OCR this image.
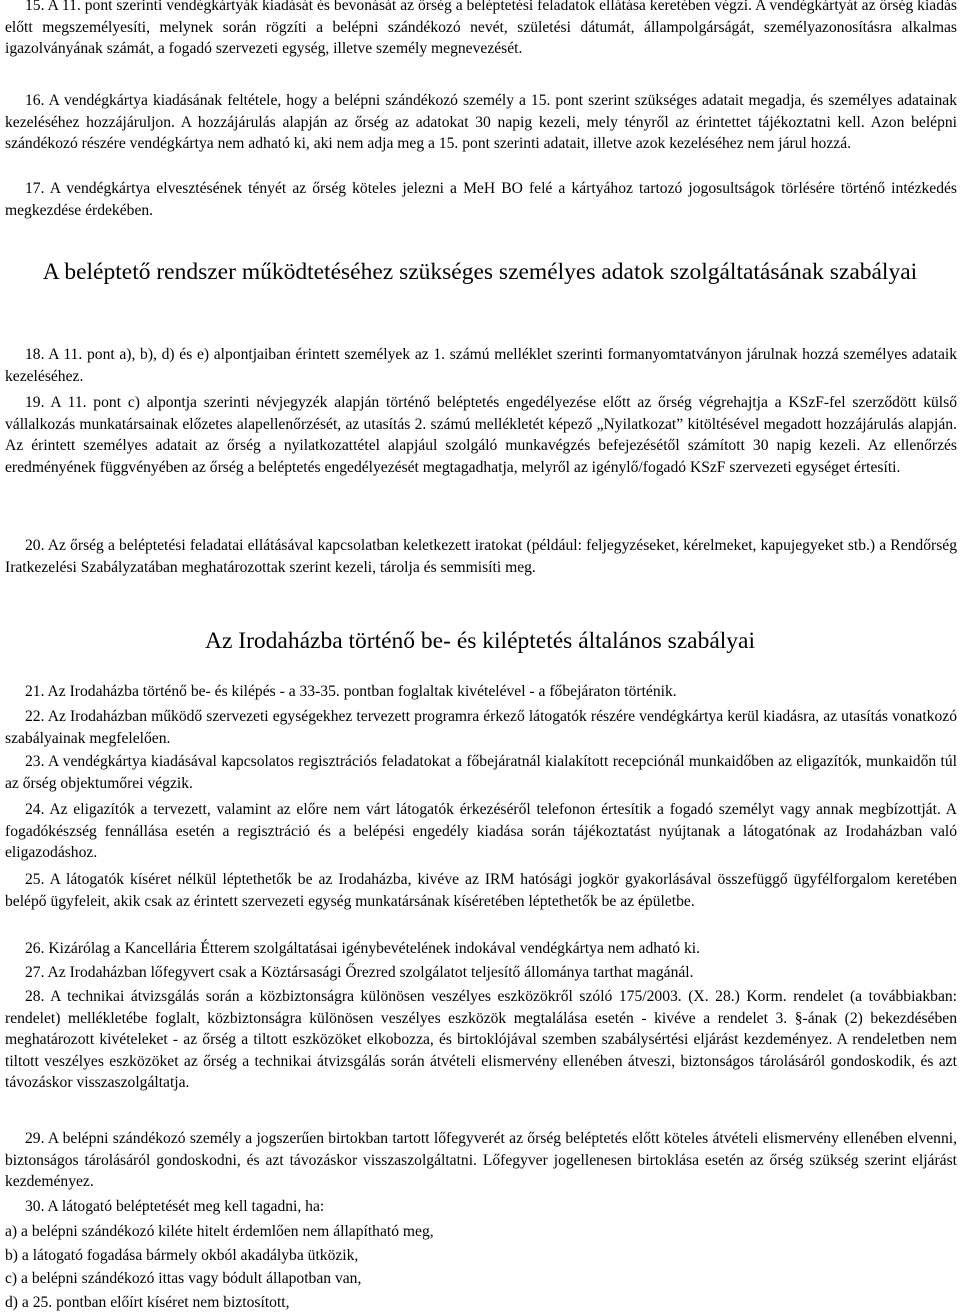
15. A 11. pont szerinti vendégkártyák kiadását és bevonását az őrség a beléptetési feladatok ellátása keretében végzi. A vendégkártyát az őrség kiadás előtt megszemélyesíti, melynek során rögzíti a belépni szándékozó nevét, születési dátumát, állampolgárságát, személyazonosításra alkalmas igazolványának számát, a fogadó szervezeti egység, illetve személy megnevezését.

16. A vendégkártya kiadásának feltétele, hogy a belépni szándékozó személy a 15. pont szerint szükséges adatait megadja, és személyes adatainak kezeléséhez hozzájáruljon. A hozzájárulás alapján az őrség az adatokat 30 napig kezeli, mely tényről az érintettet tájékoztatni kell. Azon belépni szándékozó részére vendégkártya nem adható ki, aki nem adja meg a 15. pont szerinti adatait, illetve azok kezeléséhez nem járul hozzá.

17. A vendégkártya elvesztésének tényét az őrség köteles jelezni a MeH BO felé a kártyához tartozó jogosultságok törlésére történő intézkedés megkezdése érdekében.

A beléptető rendszer működtetéséhez szükséges személyes adatok szolgáltatásának szabályai

18. A 11. pont a), b), d) és e) alpontjaiban érintett személyek az 1. számú melléklet szerinti formanyomtatványon járulnak hozzá személyes adataik kezeléséhez.

19. A 11. pont c) alpontja szerinti névjegyzék alapján történő beléptetés engedélyezése előtt az őrség végrehajtja a KSzF-fel szerződött külső vállalkozás munkatársainak előzetes alapellenőrzését, az utasítás 2. számú mellékletét képező „Nyilatkozat” kitöltésével megadott hozzájárulás alapján. Az érintett személyes adatait az őrség a nyilatkozattétel alapjául szolgáló munkavégzés befejezésétől számított 30 napig kezeli. Az ellenőrzés eredményének függvényében az őrség a beléptetés engedélyezését megtagadhatja, melyről az igénylő/fogadó KSzF szervezeti egységet értesíti.

20. Az őrség a beléptetési feladatai ellátásával kapcsolatban keletkezett iratokat (például: feljegyzéseket, kérelmeket, kapujegyeket stb.) a Rendőrség Iratkezelési Szabályzatában meghatározottak szerint kezeli, tárolja és semmisíti meg.

Az Irodaházba történő be- és kiléptetés általános szabályai

21. Az Irodaházba történő be- és kilépés - a 33-35. pontban foglaltak kivételével - a főbejáraton történik.

22. Az Irodaházban működő szervezeti egységekhez tervezett programra érkező látogatók részére vendégkártya kerül kiadásra, az utasítás vonatkozó szabályainak megfelelően.

23. A vendégkártya kiadásával kapcsolatos regisztrációs feladatokat a főbejáratnál kialakított recepciónál munkaidőben az eligazítók, munkaidőn túl az őrség objektumőrei végzik.

24. Az eligazítók a tervezett, valamint az előre nem várt látogatók érkezéséről telefonon értesítik a fogadó személyt vagy annak megbízottját. A fogadókészség fennállása esetén a regisztráció és a belépési engedély kiadása során tájékoztatást nyújtanak a látogatónak az Irodaházban való eligazodáshoz.

25. A látogatók kíséret nélkül léptethetők be az Irodaházba, kivéve az IRM hatósági jogkör gyakorlásával összefüggő ügyfélforgalom keretében belépő ügyfeleit, akik csak az érintett szervezeti egység munkatársának kíséretében léptethetők be az épületbe.

26. Kizárólag a Kancellária Étterem szolgáltatásai igénybevételének indokával vendégkártya nem adható ki.

27. Az Irodaházban lőfegyvert csak a Köztársasági Őrezred szolgálatot teljesítő állománya tarthat magánál.

28. A technikai átvizsgálás során a közbiztonságra különösen veszélyes eszközökről szóló 175/2003. (X. 28.) Korm. rendelet (a továbbiakban: rendelet) mellékletébe foglalt, közbiztonságra különösen veszélyes eszközök megtalálása esetén - kivéve a rendelet 3. §-ának (2) bekezdésében meghatározott kivételeket - az őrség a tiltott eszközöket elkobozza, és birtoklójával szemben szabálysértési eljárást kezdeményez. A rendeletben nem tiltott veszélyes eszközöket az őrség a technikai átvizsgálás során átvételi elismervény ellenében átveszi, biztonságos tárolásáról gondoskodik, és azt távozáskor visszaszolgáltatja.

29. A belépni szándékozó személy a jogszerűen birtokban tartott lőfegyverét az őrség beléptetés előtt köteles átvételi elismervény ellenében elvenni, biztonságos tárolásáról gondoskodni, és azt távozáskor visszaszolgáltatni. Lőfegyver jogellenesen birtoklása esetén az őrség szükség szerint eljárást kezdeményez.

30. A látogató beléptetését meg kell tagadni, ha:

a) a belépni szándékozó kiléte hitelt érdemlően nem állapítható meg,

b) a látogató fogadása bármely okból akadályba ütközik,

c) a belépni szándékozó ittas vagy bódult állapotban van,

d) a 25. pontban előírt kíséret nem biztosított,
